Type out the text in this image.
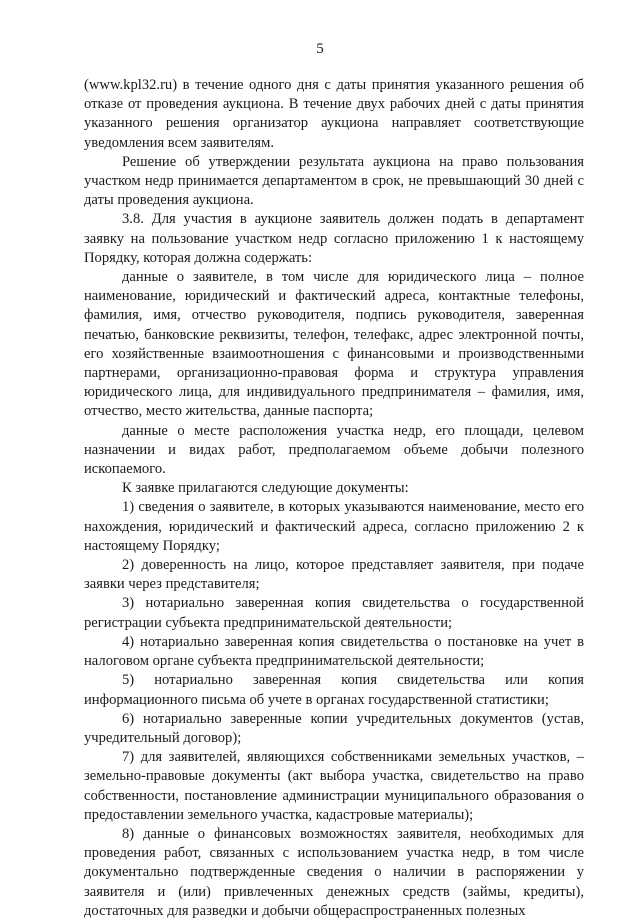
5

(www.kpl32.ru) в течение одного дня с даты принятия указанного решения об отказе от проведения аукциона. В течение двух рабочих дней с даты принятия указанного решения организатор аукциона направляет соответствующие уведомления всем заявителям.

Решение об утверждении результата аукциона на право пользования участком недр принимается департаментом в срок, не превышающий 30 дней с даты проведения аукциона.

3.8. Для участия в аукционе заявитель должен подать в департамент заявку на пользование участком недр согласно приложению 1 к настоящему Порядку, которая должна содержать:

данные о заявителе, в том числе для юридического лица – полное наименование, юридический и фактический адреса, контактные телефоны, фамилия, имя, отчество руководителя, подпись руководителя, заверенная печатью, банковские реквизиты, телефон, телефакс, адрес электронной почты, его хозяйственные взаимоотношения с финансовыми и производственными партнерами, организационно-правовая форма и структура управления юридического лица, для индивидуального предпринимателя – фамилия, имя, отчество, место жительства, данные паспорта;

данные о месте расположения участка недр, его площади, целевом назначении и видах работ, предполагаемом объеме добычи полезного ископаемого.

К заявке прилагаются следующие документы:

1) сведения о заявителе, в которых указываются наименование, место его нахождения, юридический и фактический адреса, согласно приложению 2 к настоящему Порядку;

2) доверенность на лицо, которое представляет заявителя, при подаче заявки через представителя;

3) нотариально заверенная копия свидетельства о государственной регистрации субъекта предпринимательской деятельности;

4) нотариально заверенная копия свидетельства о постановке на учет в налоговом органе субъекта предпринимательской деятельности;

5) нотариально заверенная копия свидетельства или копия информационного письма об учете в органах государственной статистики;

6) нотариально заверенные копии учредительных документов (устав, учредительный договор);

7) для заявителей, являющихся собственниками земельных участков, – земельно-правовые документы (акт выбора участка, свидетельство на право собственности, постановление администрации муниципального образования о предоставлении земельного участка, кадастровые материалы);

8) данные о финансовых возможностях заявителя, необходимых для проведения работ, связанных с использованием участка недр, в том числе документально подтвержденные сведения о наличии в распоряжении у заявителя и (или) привлеченных денежных средств (займы, кредиты), достаточных для разведки и добычи общераспространенных полезных
